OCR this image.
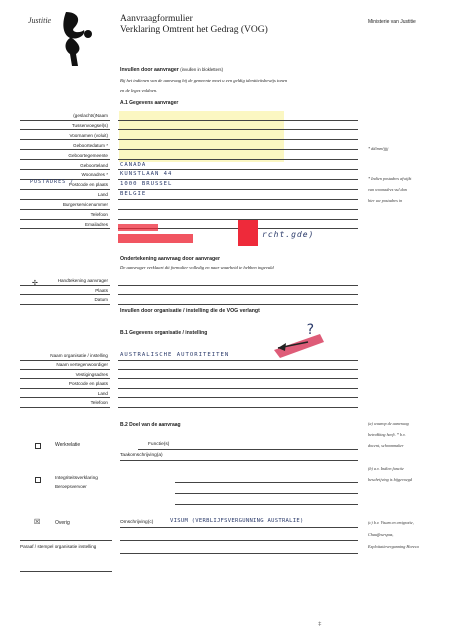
Justitie	Aanvraagformulier
Verklaring Omtrent het Gedrag (VOG)
Ministerie van Justitie
Invullen door aanvrager (invullen in blokletters)
Bij het indienen van de aanvraag bij de gemeente moet u een geldig identiteitsbewijs tonen
en de leges voldoen.
A.1 Gegevens aanvrager
(geslachts)Naam
Tussenvoegsel(s)
Voornamen (voluit)
Geboortedatum *
Geboortegemeente
Geboorteland CANADA
Woonadres * KUNSTLAAN 44
Postcode en plaats 1000 BRUSSEL
Land BELGIE
Burgerservicenummer
Telefoon
Emailadres
POSTADRES /
rcht.gde)
* dd/mm/jjjj
* Indien postadres afwijkt
van woonadres vul dan
hier uw postadres in
Ondertekening aanvraag door aanvrager
De aanvrager verklaart dit formulier volledig en naar waarheid te hebben ingevuld
Handtekening aanvrager
Plaats
Datum
✢
Invullen door organisatie / instelling die de VOG verlangt
B.1 Gegevens organisatie / instelling	?
Naam organisatie / instelling AUSTRALISCHE AUTORITEITEN
Naam vertegenwoordiger
Vestigingsadres
Postcode en plaats
Land
Telefoon
B.2 Doel van de aanvraag
Werkrelatie	Functie(s)
Taakomschrijving(a)
Integriteitsverklaring
Beroepsvervoer
☒	Overig	Omschrijving(c)	VISUM (VERBLIJFSVERGUNNING AUSTRALIE)
Paraaf / stempel organisatie instelling
(a) waarop de aanvraag
betrekking heeft. * b.v.
docent, schoonmaker
(b) a.v. Indien functie
beschrijving is bijgevoegd
(c) b.v. Visum en emigratie,
Chauffeurspas,
Exploitatievergunning Horeca
ǂ
